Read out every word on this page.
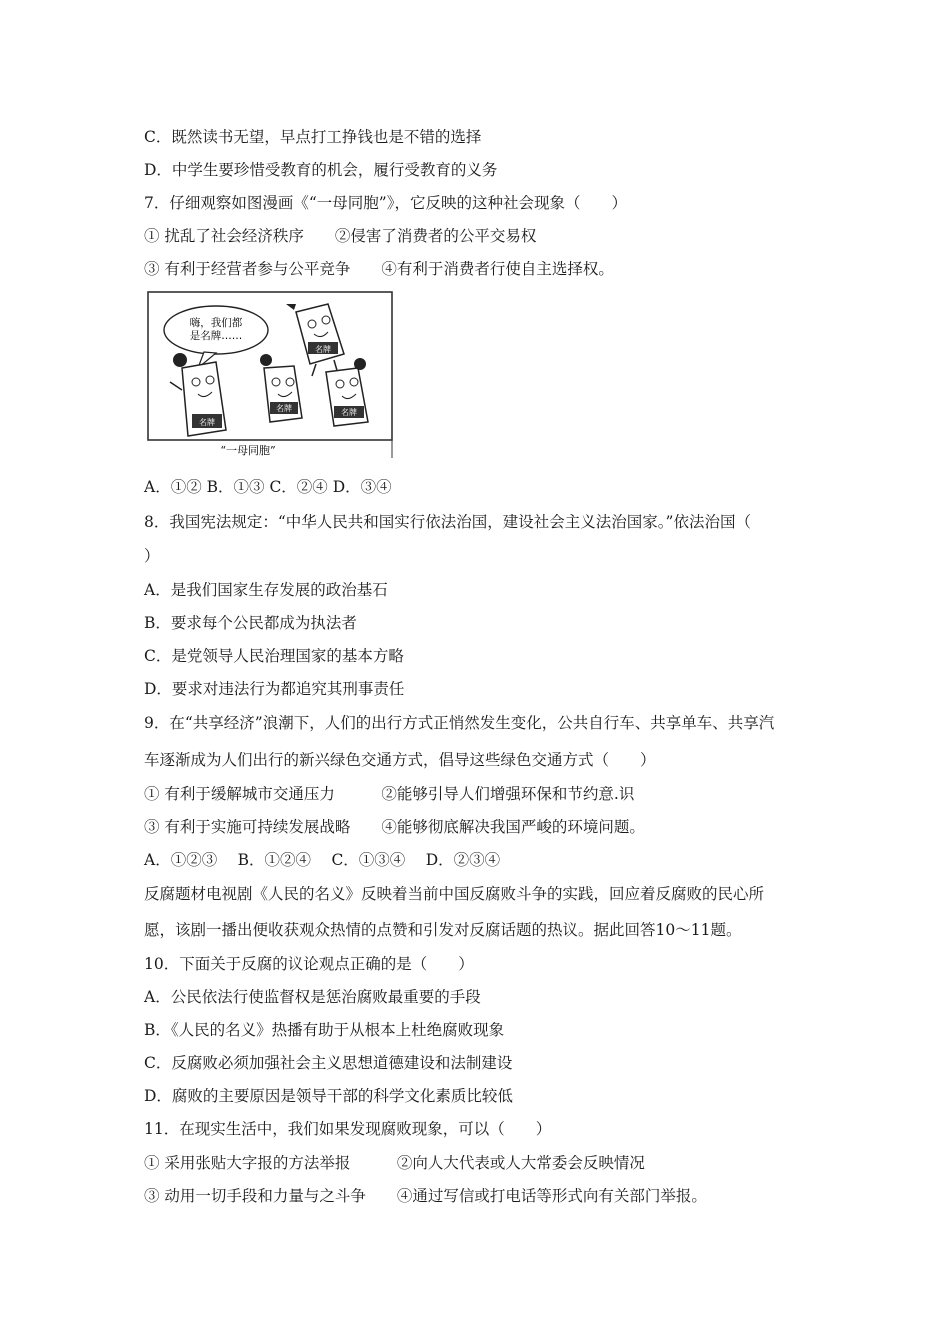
C．既然读书无望，早点打工挣钱也是不错的选择
D．中学生要珍惜受教育的机会，履行受教育的义务
7．仔细观察如图漫画《“一母同胞”》，它反映的这种社会现象（　　）
① 扰乱了社会经济秩序　　②侵害了消费者的公平交易权
③ 有利于经营者参与公平竞争　　④有利于消费者行使自主选择权。
嗨，我们都是名牌……
名牌
名牌
名牌	名牌
“一母同胞”
A．①② B．①③ C．②④ D．③④
8．我国宪法规定：“中华人民共和国实行依法治国，建设社会主义法治国家。”依法治国（
）
A．是我们国家生存发展的政治基石
B．要求每个公民都成为执法者
C．是党领导人民治理国家的基本方略
D．要求对违法行为都追究其刑事责任
9．在“共享经济”浪潮下，人们的出行方式正悄然发生变化，公共自行车、共享单车、共享汽
车逐渐成为人们出行的新兴绿色交通方式，倡导这些绿色交通方式（　　）
① 有利于缓解城市交通压力　　　②能够引导人们增强环保和节约意.识
③ 有利于实施可持续发展战略　　④能够彻底解决我国严峻的环境问题。
A．①②③　 B．①②④　 C．①③④　 D．②③④
反腐题材电视剧《人民的名义》反映着当前中国反腐败斗争的实践，回应着反腐败的民心所
愿，该剧一播出便收获观众热情的点赞和引发对反腐话题的热议。据此回答10～11题。
10．下面关于反腐的议论观点正确的是（　　）
A．公民依法行使监督权是惩治腐败最重要的手段
B．《人民的名义》热播有助于从根本上杜绝腐败现象
C．反腐败必须加强社会主义思想道德建设和法制建设
D．腐败的主要原因是领导干部的科学文化素质比较低
11．在现实生活中，我们如果发现腐败现象，可以（　　）
① 采用张贴大字报的方法举报　　　②向人大代表或人大常委会反映情况
③ 动用一切手段和力量与之斗争　　④通过写信或打电话等形式向有关部门举报。
